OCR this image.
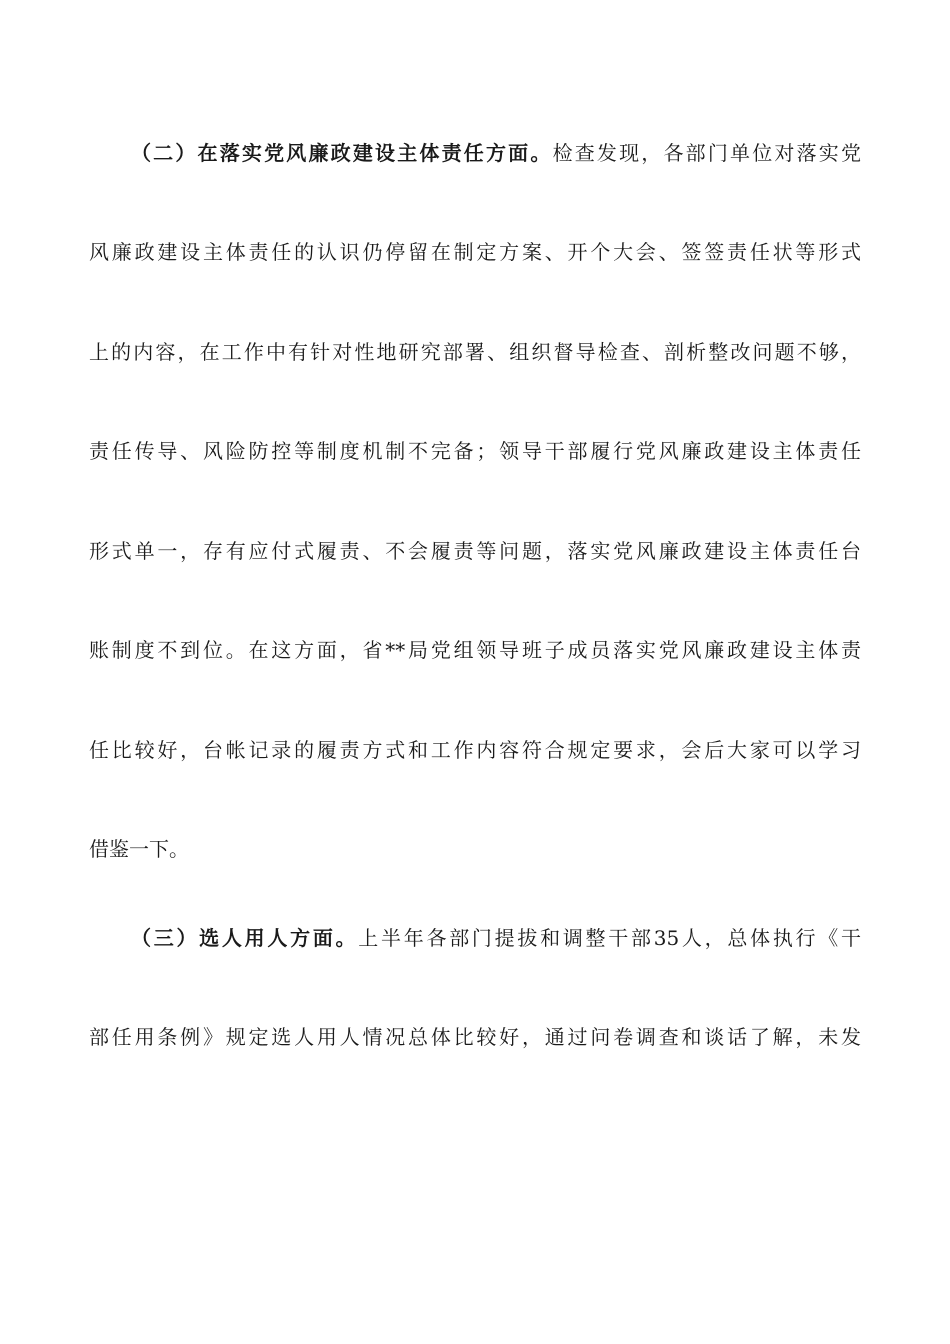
（二）在落实党风廉政建设主体责任方面。检查发现，各部门单位对落实党
风廉政建设主体责任的认识仍停留在制定方案、开个大会、签签责任状等形式
上的内容，在工作中有针对性地研究部署、组织督导检查、剖析整改问题不够，
责任传导、风险防控等制度机制不完备；领导干部履行党风廉政建设主体责任
形式单一，存有应付式履责、不会履责等问题，落实党风廉政建设主体责任台
账制度不到位。在这方面，省**局党组领导班子成员落实党风廉政建设主体责
任比较好，台帐记录的履责方式和工作内容符合规定要求，会后大家可以学习
借鉴一下。
（三）选人用人方面。上半年各部门提拔和调整干部35人，总体执行《干
部任用条例》规定选人用人情况总体比较好，通过问卷调查和谈话了解，未发
